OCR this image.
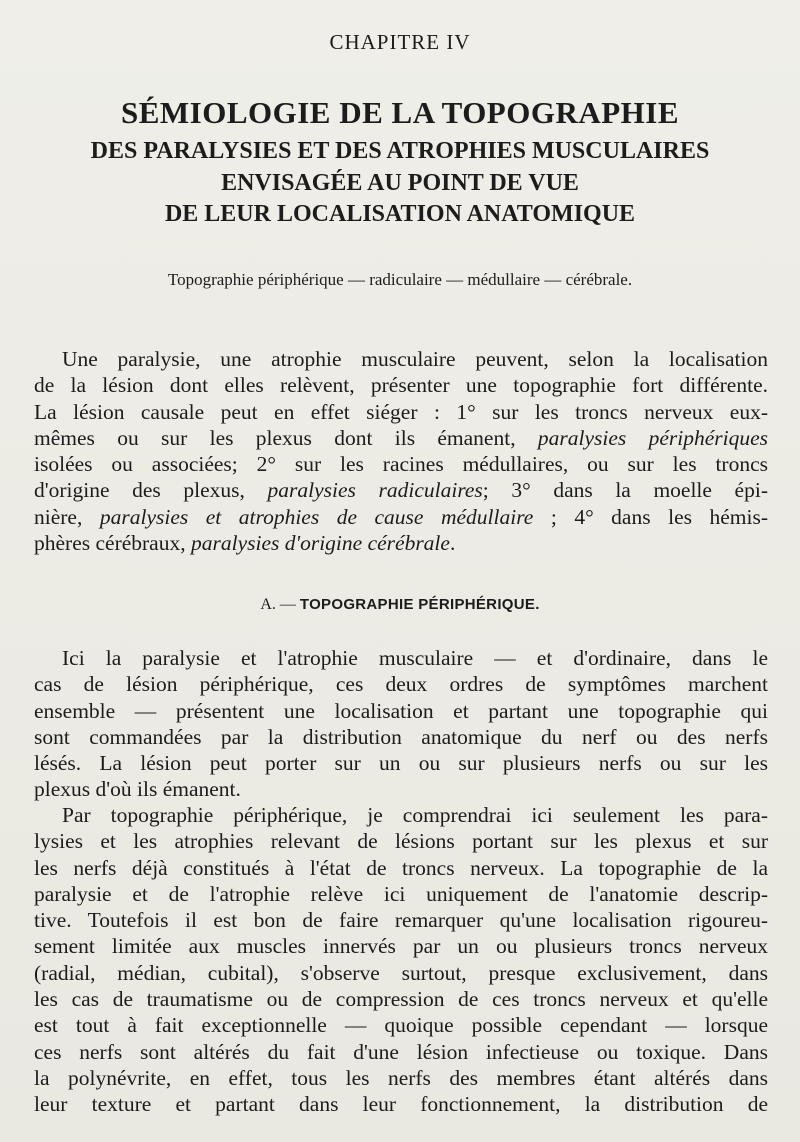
CHAPITRE IV
SÉMIOLOGIE DE LA TOPOGRAPHIE
DES PARALYSIES ET DES ATROPHIES MUSCULAIRES
ENVISAGÉE AU POINT DE VUE
DE LEUR LOCALISATION ANATOMIQUE
Topographie périphérique — radiculaire — médullaire — cérébrale.
Une paralysie, une atrophie musculaire peuvent, selon la localisation
de la lésion dont elles relèvent, présenter une topographie fort différente.
La lésion causale peut en effet siéger : 1° sur les troncs nerveux eux-
mêmes ou sur les plexus dont ils émanent, paralysies périphériques
isolées ou associées; 2° sur les racines médullaires, ou sur les troncs
d'origine des plexus, paralysies radiculaires; 3° dans la moelle épi-
nière, paralysies et atrophies de cause médullaire ; 4° dans les hémis-
phères cérébraux, paralysies d'origine cérébrale.
A. — TOPOGRAPHIE PÉRIPHÉRIQUE.
Ici la paralysie et l'atrophie musculaire — et d'ordinaire, dans le
cas de lésion périphérique, ces deux ordres de symptômes marchent
ensemble — présentent une localisation et partant une topographie qui
sont commandées par la distribution anatomique du nerf ou des nerfs
lésés. La lésion peut porter sur un ou sur plusieurs nerfs ou sur les
plexus d'où ils émanent.
Par topographie périphérique, je comprendrai ici seulement les para-
lysies et les atrophies relevant de lésions portant sur les plexus et sur
les nerfs déjà constitués à l'état de troncs nerveux. La topographie de la
paralysie et de l'atrophie relève ici uniquement de l'anatomie descrip-
tive. Toutefois il est bon de faire remarquer qu'une localisation rigoureu-
sement limitée aux muscles innervés par un ou plusieurs troncs nerveux
(radial, médian, cubital), s'observe surtout, presque exclusivement, dans
les cas de traumatisme ou de compression de ces troncs nerveux et qu'elle
est tout à fait exceptionnelle — quoique possible cependant — lorsque
ces nerfs sont altérés du fait d'une lésion infectieuse ou toxique. Dans
la polynévrite, en effet, tous les nerfs des membres étant altérés dans
leur texture et partant dans leur fonctionnement, la distribution de
